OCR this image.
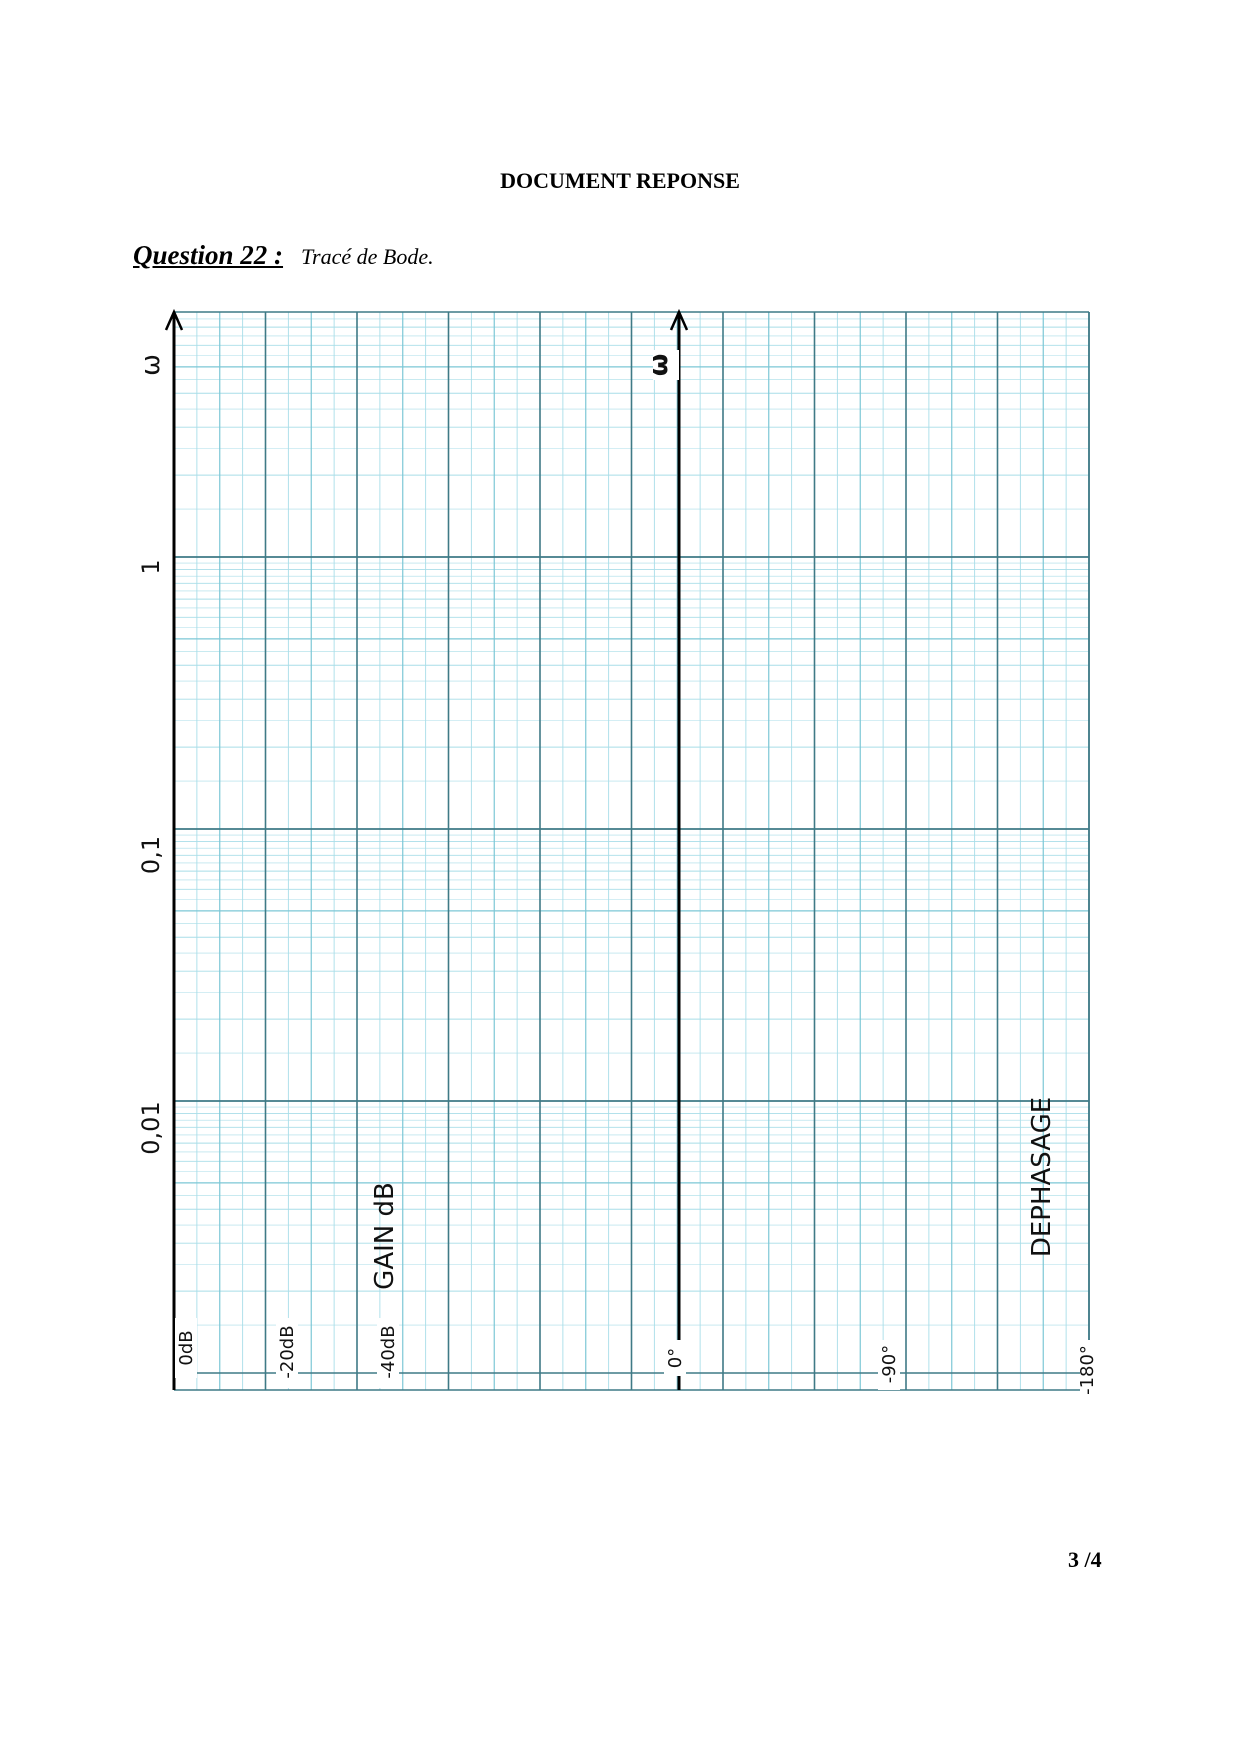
DOCUMENT REPONSE
Question 22 : Tracé de Bode.
ω	ω
1
0,1
0,01
GAIN dB	DEPHASAGE
0dB	-20dB	-40dB	0°	-90°	-180°
3 /4
